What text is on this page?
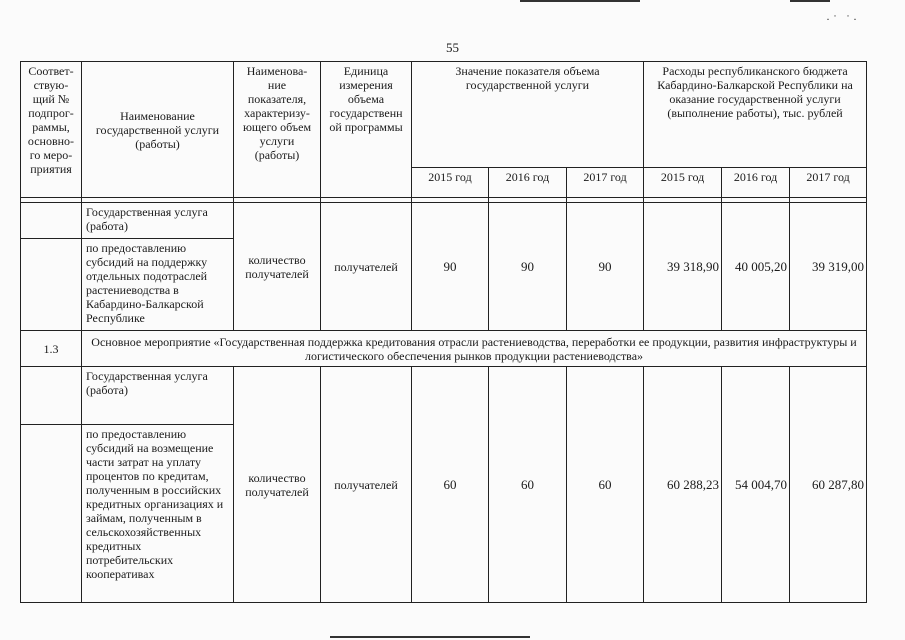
·˙ ˙·
55
Соответ-ствую-щий № подпрог-раммы, основно-го меро-приятия	Наименование государственной услуги (работы)	Наименова-ние показателя, характеризу-ющего объем услуги (работы)	Единица измерения объема государственн ой программы	Значение показателя объема государственной услуги			Расходы республиканского бюджета Кабардино-Балкарской Республики на оказание государственной услуги (выполнение работы), тыс. рублей		
				2015 год	2016 год	2017 год	2015 год	2016 год	2017 год

	Государственная услуга (работа)	количество получателей	получателей	90	90	90	39 318,90	40 005,20	39 319,00
	по предоставлению субсидий на поддержку отдельных подотраслей растениеводства в Кабардино-Балкарской Республике								
1.3	Основное мероприятие «Государственная поддержка кредитования отрасли растениеводства, переработки ее продукции, развития инфраструктуры и логистического обеспечения рынков продукции растениеводства»								
	Государственная услуга (работа)	количество получателей	получателей	60	60	60	60 288,23	54 004,70	60 287,80
	по предоставлению субсидий на возмещение части затрат на уплату процентов по кредитам, полученным в российских кредитных организациях и займам, полученным в сельскохозяйственных кредитных потребительских кооперативах								
